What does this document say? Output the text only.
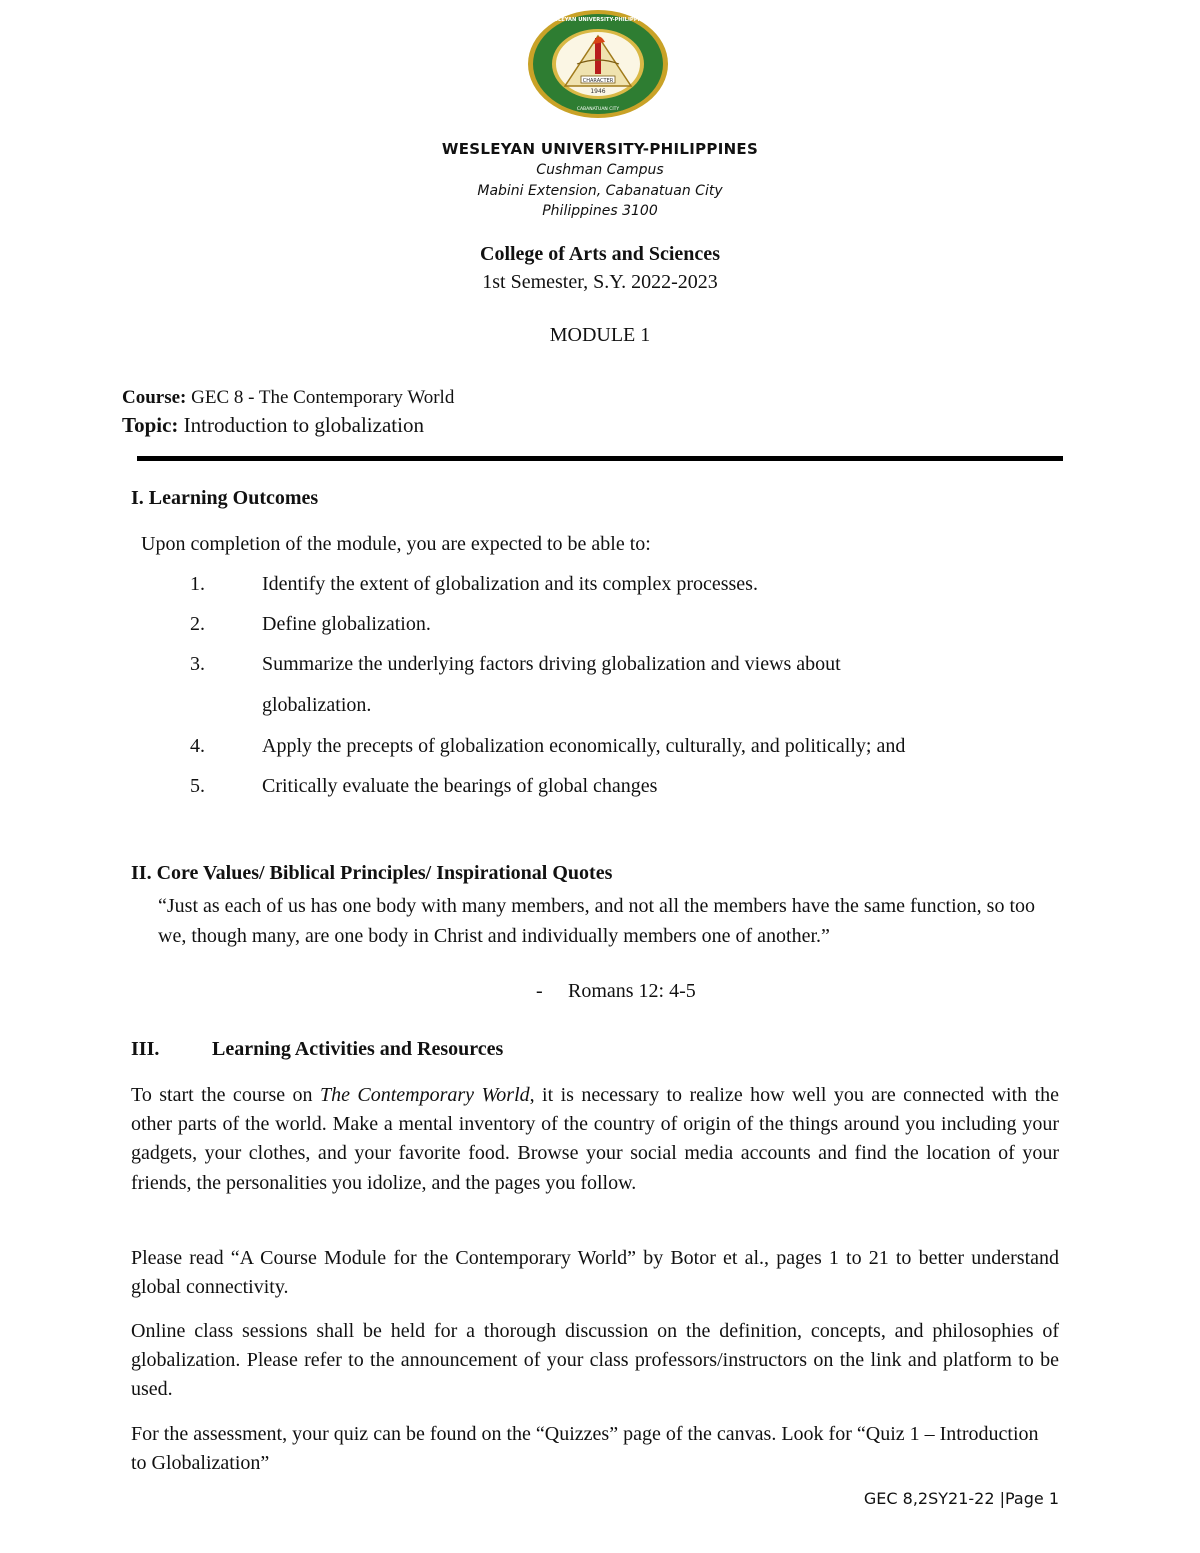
CHARACTER
1946
WESLEYAN UNIVERSITY-PHILIPPINES
CABANATUAN CITY
WESLEYAN UNIVERSITY-PHILIPPINES
Cushman Campus
Mabini Extension, Cabanatuan City
Philippines 3100
College of Arts and Sciences
1st Semester, S.Y. 2022-2023
MODULE 1
Course: GEC 8 - The Contemporary World
Topic: Introduction to globalization
I. Learning Outcomes
Upon completion of the module, you are expected to be able to:
1.	Identify the extent of globalization and its complex processes.
2.	Define globalization.
3.	Summarize the underlying factors driving globalization and views about
globalization.
4.	Apply the precepts of globalization economically, culturally, and politically; and
5.	Critically evaluate the bearings of global changes
II. Core Values/ Biblical Principles/ Inspirational Quotes
“Just as each of us has one body with many members, and not all the members have the same function, so too we, though many, are one body in Christ and individually members one of another.”
- Romans 12: 4-5
III.	Learning Activities and Resources
To start the course on The Contemporary World, it is necessary to realize how well you are connected with the other parts of the world. Make a mental inventory of the country of origin of the things around you including your gadgets, your clothes, and your favorite food. Browse your social media accounts and find the location of your friends, the personalities you idolize, and the pages you follow.
Please read “A Course Module for the Contemporary World” by Botor et al., pages 1 to 21 to better understand global connectivity.
Online class sessions shall be held for a thorough discussion on the definition, concepts, and philosophies of globalization. Please refer to the announcement of your class professors/instructors on the link and platform to be used.
For the assessment, your quiz can be found on the “Quizzes” page of the canvas. Look for “Quiz 1 – Introduction to Globalization”
GEC 8,2SY21-22 |Page 1
